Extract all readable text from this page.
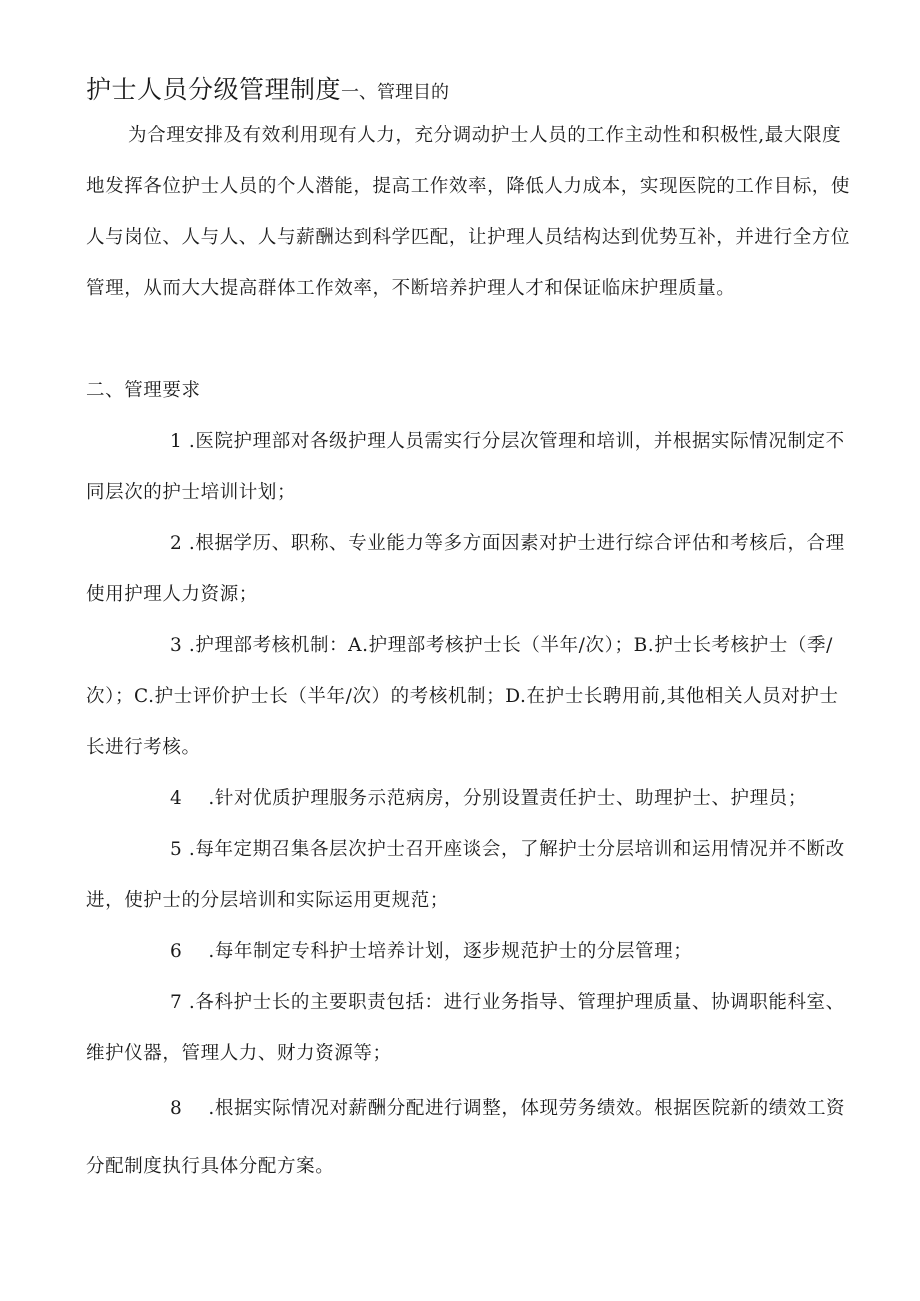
护士人员分级管理制度一、管理目的

为合理安排及有效利用现有人力，充分调动护士人员的工作主动性和积极性,最大限度地发挥各位护士人员的个人潜能，提高工作效率，降低人力成本，实现医院的工作目标，使人与岗位、人与人、人与薪酬达到科学匹配，让护理人员结构达到优势互补，并进行全方位管理，从而大大提高群体工作效率，不断培养护理人才和保证临床护理质量。

二、管理要求

1 .医院护理部对各级护理人员需实行分层次管理和培训，并根据实际情况制定不同层次的护士培训计划；

2 .根据学历、职称、专业能力等多方面因素对护士进行综合评估和考核后，合理使用护理人力资源；

3 .护理部考核机制：A.护理部考核护士长（半年/次）；B.护士长考核护士（季/次）；C.护士评价护士长（半年/次）的考核机制；D.在护士长聘用前,其他相关人员对护士长进行考核。

4 .针对优质护理服务示范病房，分别设置责任护士、助理护士、护理员；

5 .每年定期召集各层次护士召开座谈会，了解护士分层培训和运用情况并不断改进，使护士的分层培训和实际运用更规范；

6 .每年制定专科护士培养计划，逐步规范护士的分层管理；

7 .各科护士长的主要职责包括：进行业务指导、管理护理质量、协调职能科室、维护仪器，管理人力、财力资源等；

8 .根据实际情况对薪酬分配进行调整，体现劳务绩效。根据医院新的绩效工资分配制度执行具体分配方案。
